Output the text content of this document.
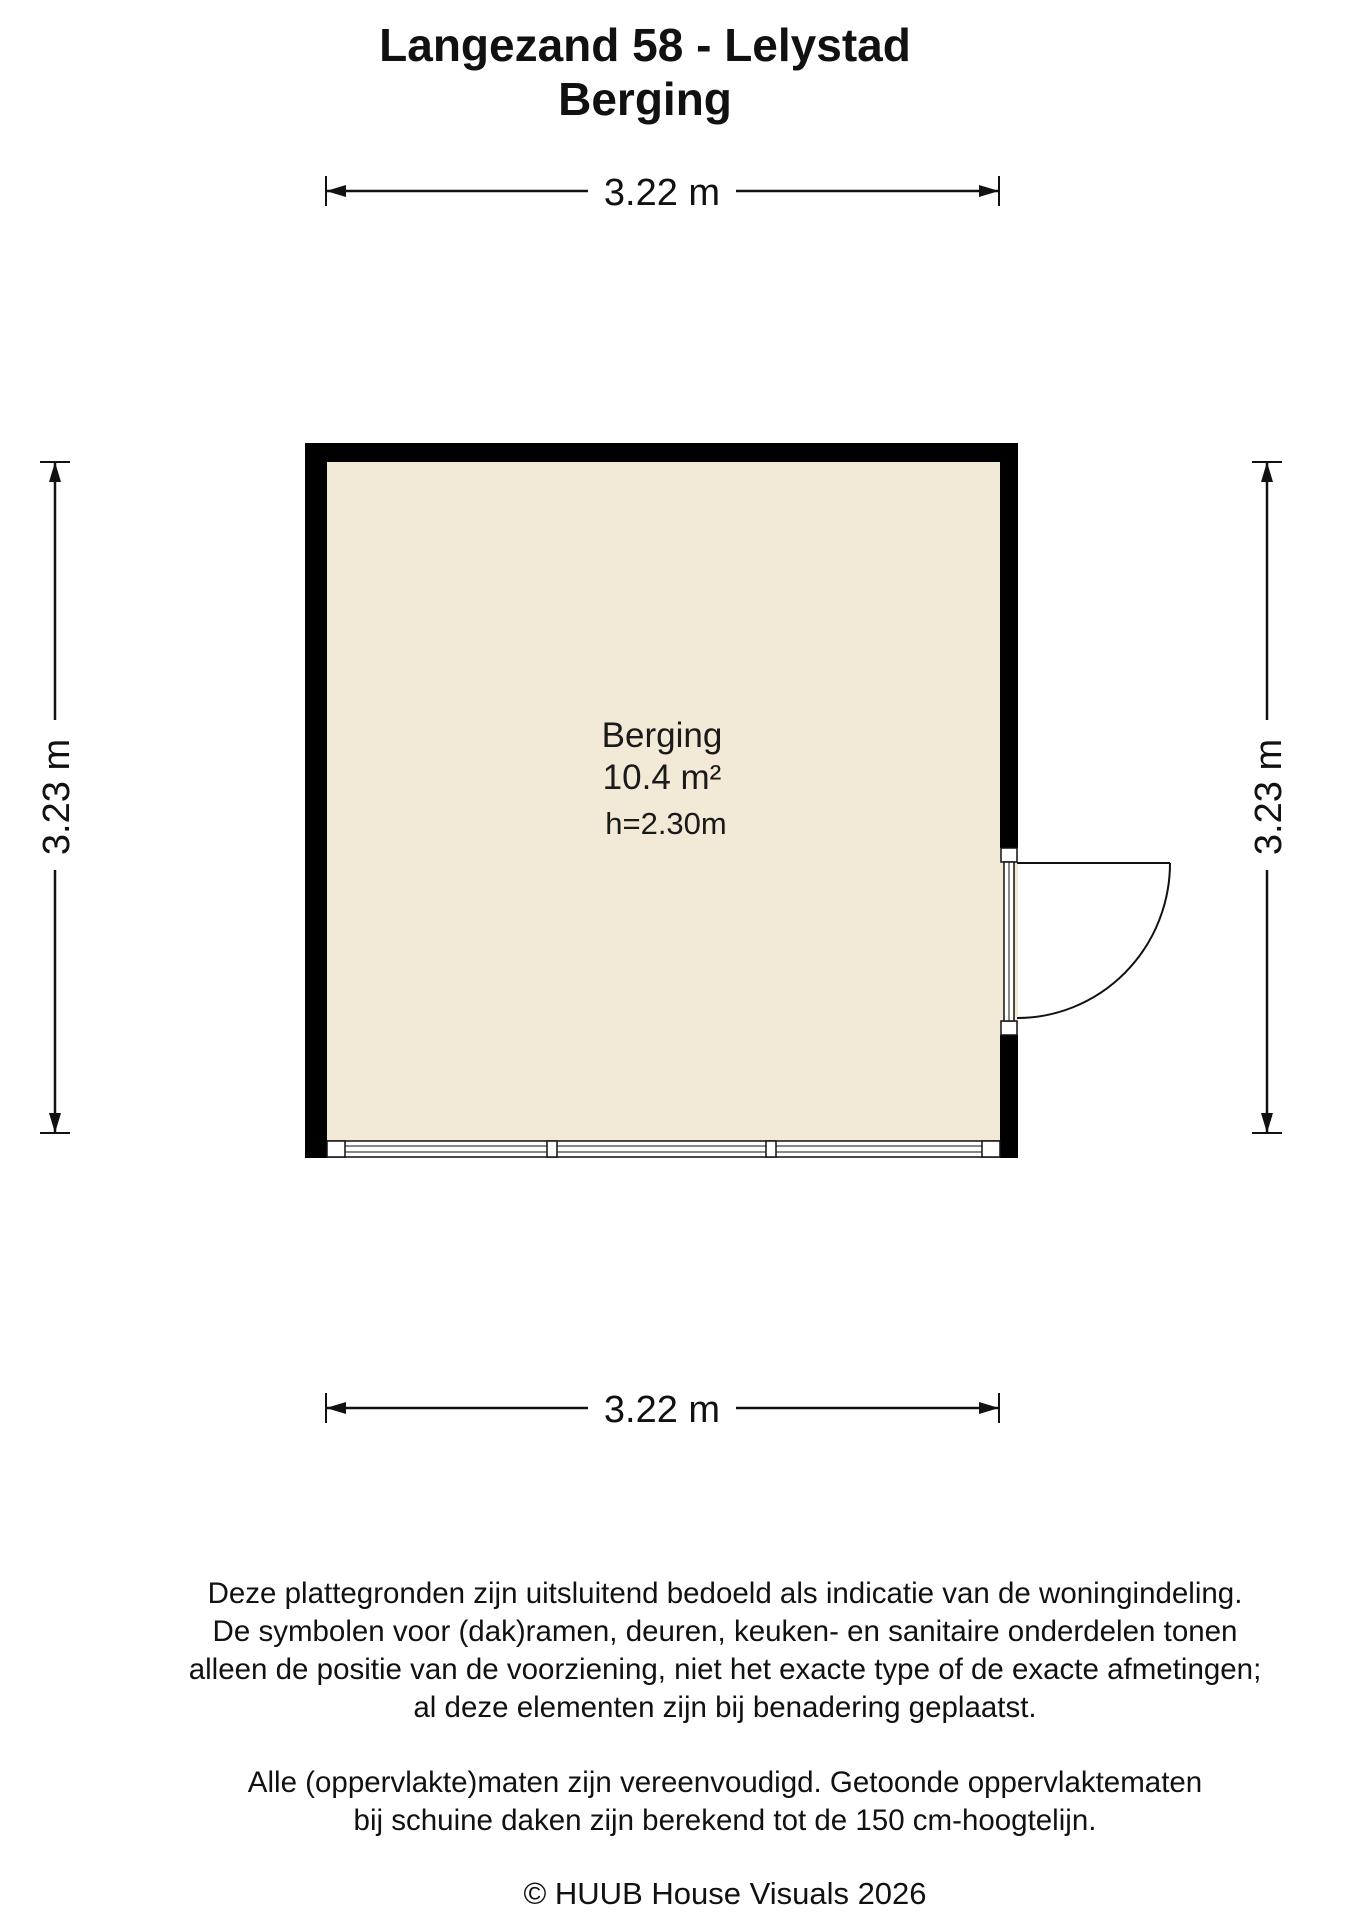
Langezand 58 - Lelystad
Berging
3.22 m
3.22 m
3.23 m	3.23 m
Berging
10.4 m²
h=2.30m
Deze plattegronden zijn uitsluitend bedoeld als indicatie van de woningindeling.
De symbolen voor (dak)ramen, deuren, keuken- en sanitaire onderdelen tonen
alleen de positie van de voorziening, niet het exacte type of de exacte afmetingen;
al deze elementen zijn bij benadering geplaatst.
Alle (oppervlakte)maten zijn vereenvoudigd. Getoonde oppervlaktematen
bij schuine daken zijn berekend tot de 150 cm-hoogtelijn.
© HUUB House Visuals 2026
